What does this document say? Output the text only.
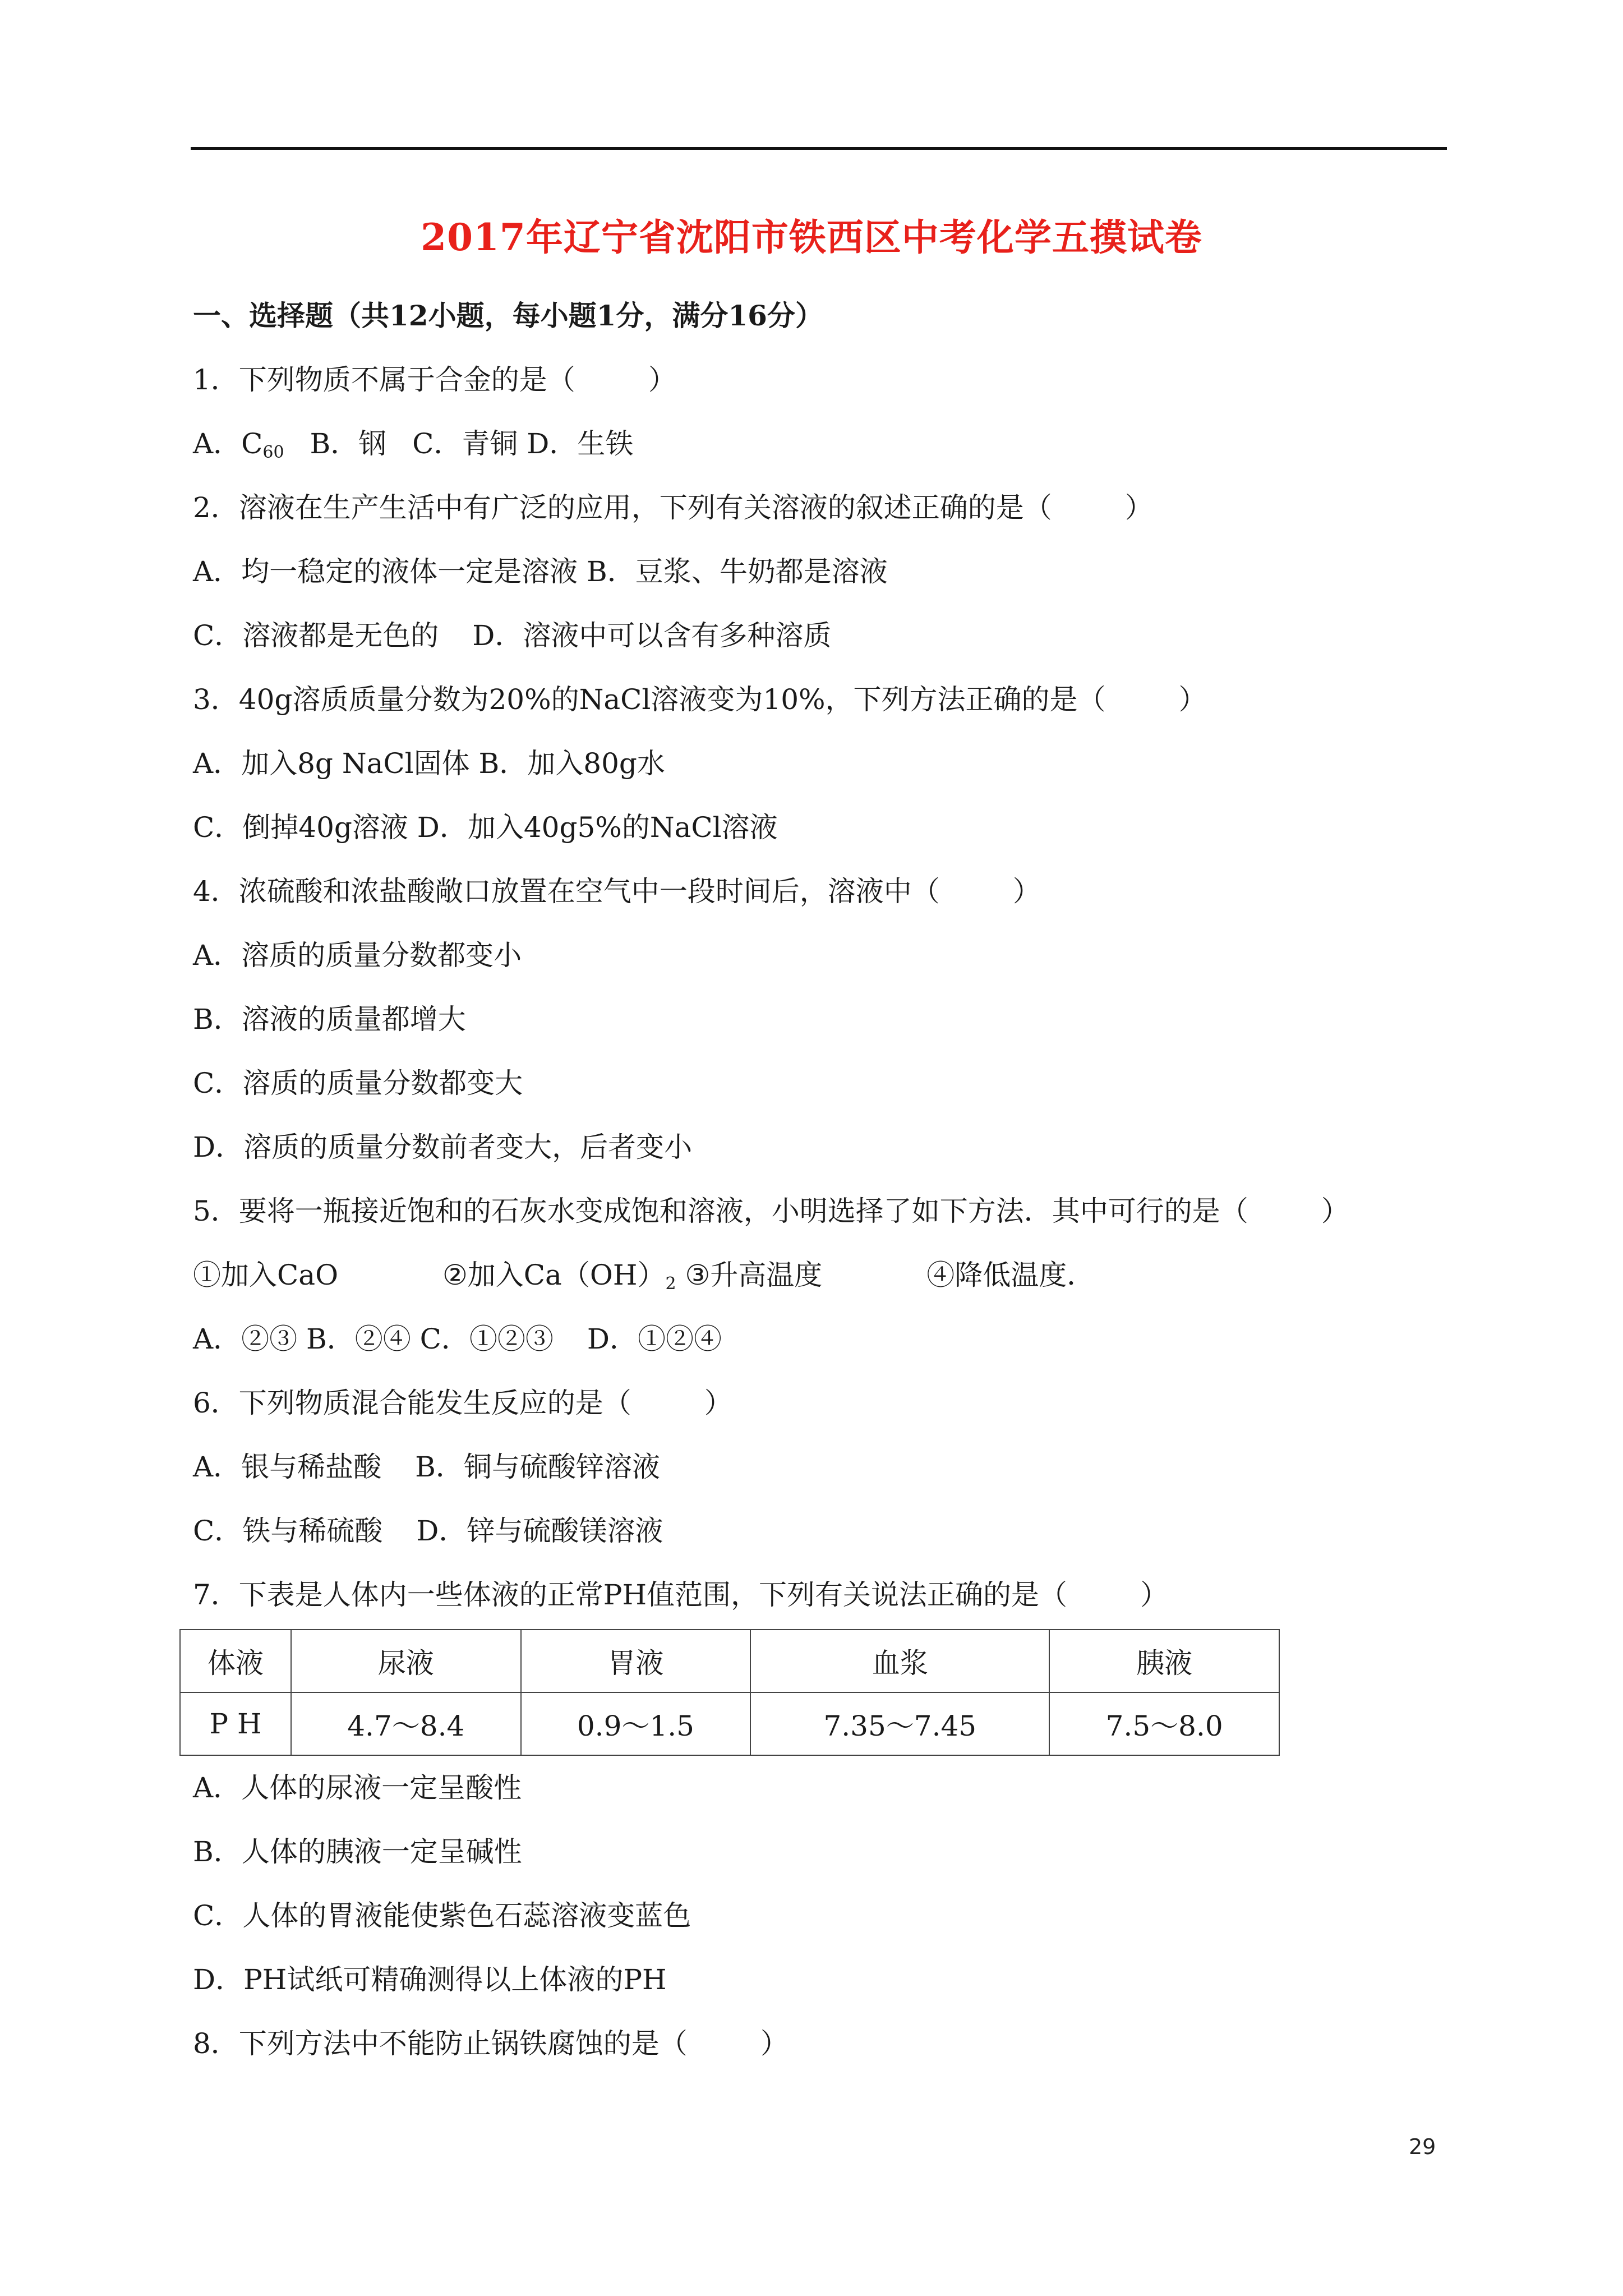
2017年辽宁省沈阳市铁西区中考化学五摸试卷
一、选择题（共12小题，每小题1分，满分16分）
1．下列物质不属于合金的是（	）
A．$C_{60}$ B．钢 C．青铜 D．生铁
2．溶液在生产生活中有广泛的应用，下列有关溶液的叙述正确的是（	）
A．均一稳定的液体一定是溶液 B．豆浆、牛奶都是溶液
C．溶液都是无色的 D．溶液中可以含有多种溶质
3．40g溶质质量分数为20%的NaCl溶液变为10%，下列方法正确的是（	）
A．加入8g NaCl固体 B．加入80g水
C．倒掉40g溶液 D．加入40g5%的NaCl溶液
4．浓硫酸和浓盐酸敞口放置在空气中一段时间后，溶液中（	）
A．溶质的质量分数都变小
B．溶液的质量都增大
C．溶质的质量分数都变大
D．溶质的质量分数前者变大，后者变小
5．要将一瓶接近饱和的石灰水变成饱和溶液，小明选择了如下方法．其中可行的是（	）
①加入CaO	②加入$Ca(OH)_2$ ③升高温度	④降低温度．
A．②③ B．②④ C．①②③ D．①②④
6．下列物质混合能发生反应的是（	）
A．银与稀盐酸 B．铜与硫酸锌溶液
C．铁与稀硫酸 D．锌与硫酸镁溶液
7．下表是人体内一些体液的正常PH值范围，下列有关说法正确的是（	）
体液	尿液	胃液	血浆	胰液
P H	4.7～8.4	0.9～1.5	7.35～7.45	7.5～8.0
A．人体的尿液一定呈酸性
B．人体的胰液一定呈碱性
C．人体的胃液能使紫色石蕊溶液变蓝色
D．PH试纸可精确测得以上体液的PH
8．下列方法中不能防止锅铁腐蚀的是（	）
29
